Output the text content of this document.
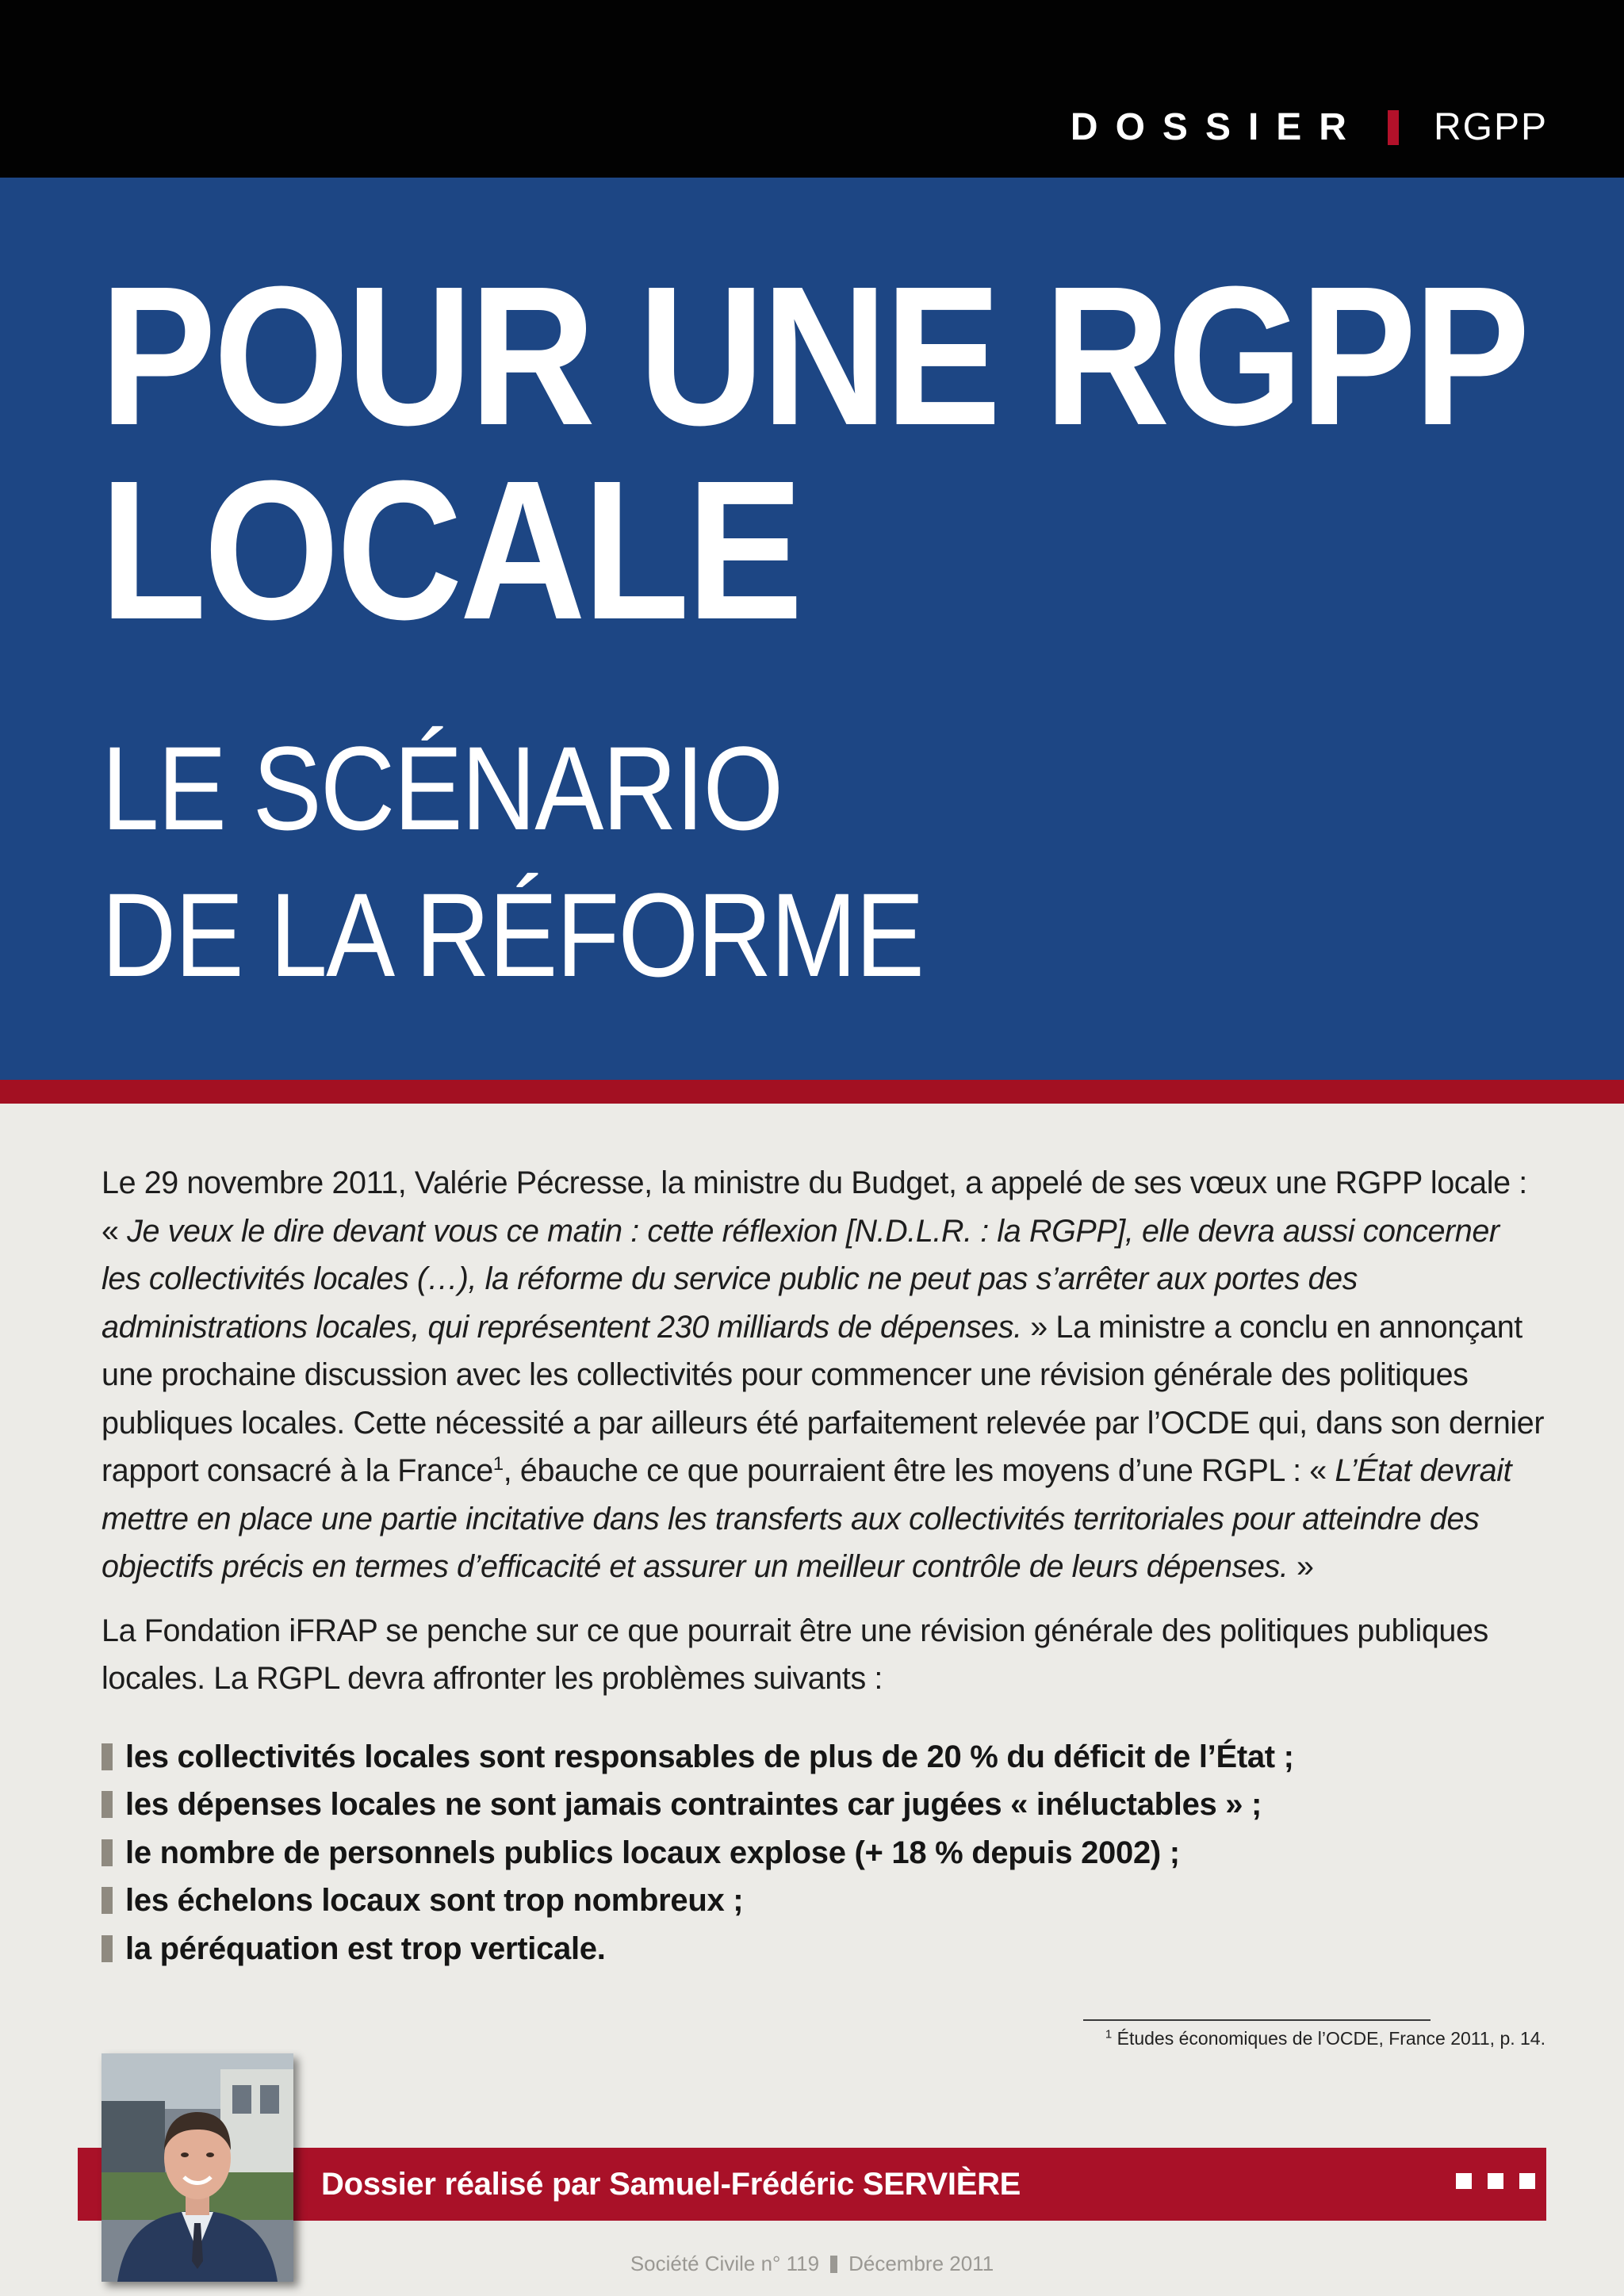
DOSSIER RGPP
POUR UNE RGPP
LOCALE
LE SCÉNARIO
DE LA RÉFORME

Le 29 novembre 2011, Valérie Pécresse, la ministre du Budget, a appelé de ses vœux une RGPP locale : « Je veux le dire devant vous ce matin : cette réflexion [N.D.L.R. : la RGPP], elle devra aussi concerner les collectivités locales (…), la réforme du service public ne peut pas s’arrêter aux portes des administrations locales, qui représentent 230 milliards de dépenses. » La ministre a conclu en annonçant une prochaine discussion avec les collectivités pour commencer une révision générale des politiques publiques locales. Cette nécessité a par ailleurs été parfaitement relevée par l’OCDE qui, dans son dernier rapport consacré à la France$^1$, ébauche ce que pourraient être les moyens d’une RGPL : « L’État devrait mettre en place une partie incitative dans les transferts aux collectivités territoriales pour atteindre des objectifs précis en termes d’efficacité et assurer un meilleur contrôle de leurs dépenses. »

La Fondation iFRAP se penche sur ce que pourrait être une révision générale des politiques publiques locales. La RGPL devra affronter les problèmes suivants :

les collectivités locales sont responsables de plus de 20 % du déficit de l’État ;
les dépenses locales ne sont jamais contraintes car jugées « inéluctables » ;
le nombre de personnels publics locaux explose (+ 18 % depuis 2002) ;
les échelons locaux sont trop nombreux ;
la péréquation est trop verticale.
$^1$ Études économiques de l’OCDE, France 2011, p. 14.
Dossier réalisé par Samuel-Frédéric SERVIÈRE
Société Civile n° 119 Décembre 2011
